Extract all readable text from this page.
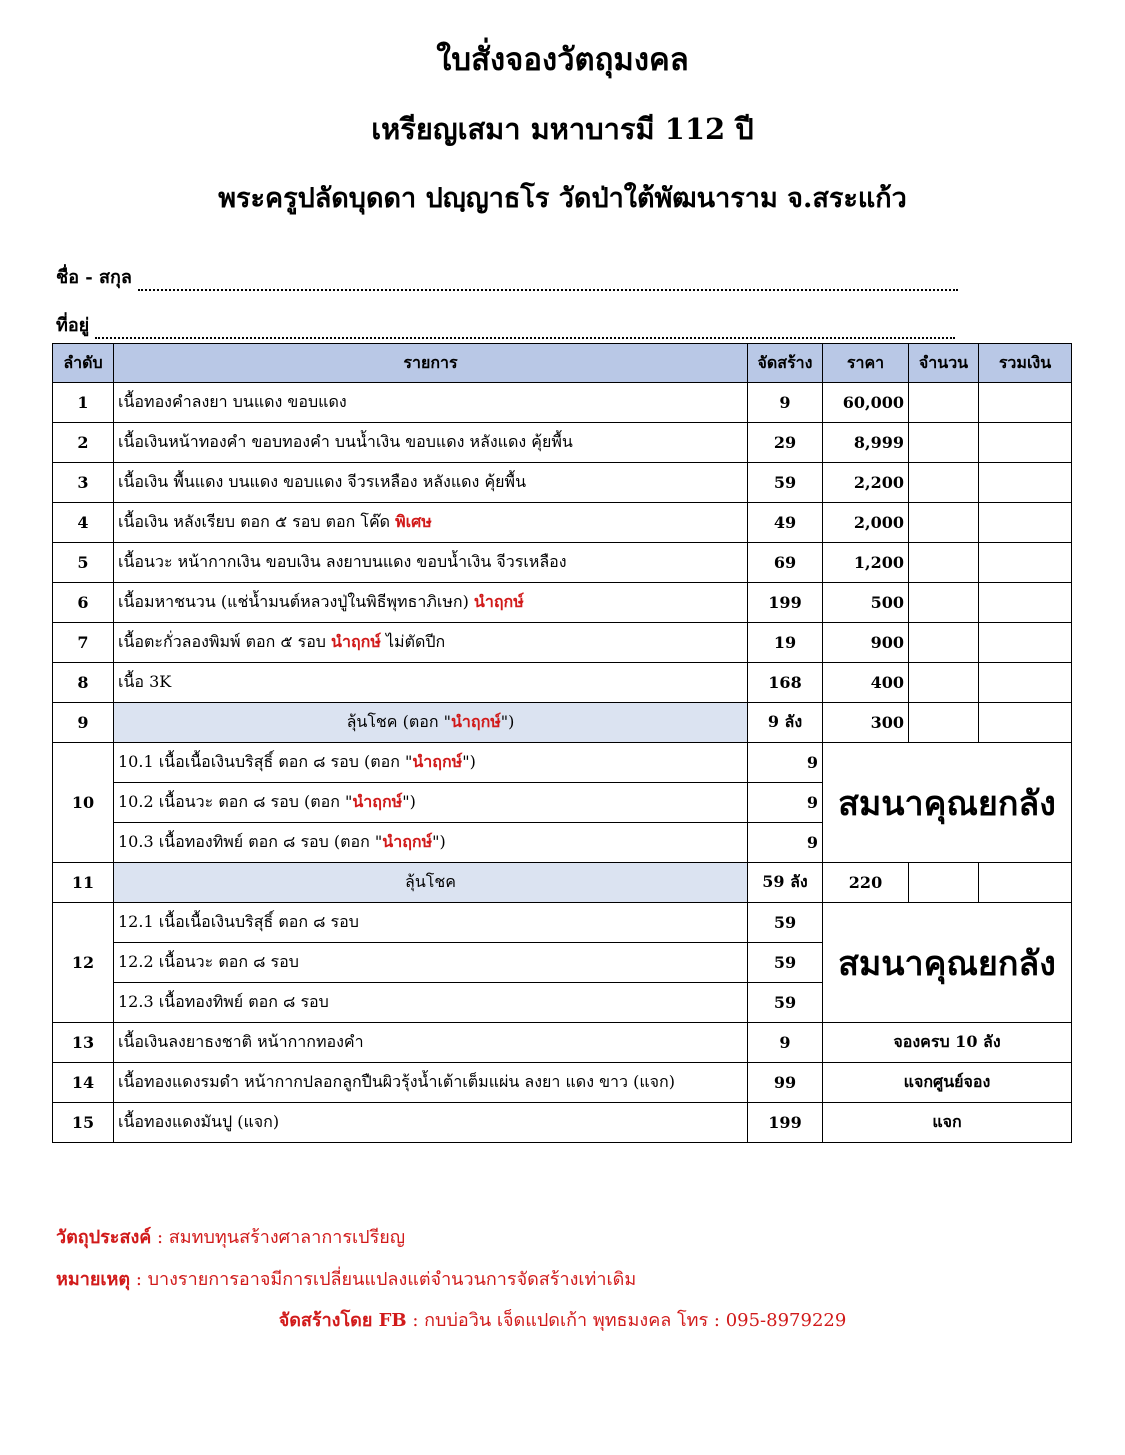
ใบสั่งจองวัตถุมงคล
เหรียญเสมา มหาบารมี 112 ปี
พระครูปลัดบุดดา ปญฺญาธโร วัดป่าใต้พัฒนาราม จ.สระแก้ว
ชื่อ - สกุล
ที่อยู่
ลำดับ	รายการ	จัดสร้าง	ราคา	จำนวน	รวมเงิน
1	เนื้อทองคำลงยา บนแดง ขอบแดง	9	60,000		
2	เนื้อเงินหน้าทองคำ ขอบทองคำ บนน้ำเงิน ขอบแดง หลังแดง คุ้ยพื้น	29	8,999		
3	เนื้อเงิน พื้นแดง บนแดง ขอบแดง จีวรเหลือง หลังแดง คุ้ยพื้น	59	2,200		
4	เนื้อเงิน หลังเรียบ ตอก ๕ รอบ ตอก โค๊ด พิเศษ	49	2,000		
5	เนื้อนวะ หน้ากากเงิน ขอบเงิน ลงยาบนแดง ขอบน้ำเงิน จีวรเหลือง	69	1,200		
6	เนื้อมหาชนวน (แช่น้ำมนต์หลวงปู่ในพิธีพุทธาภิเษก) นำฤกษ์	199	500		
7	เนื้อตะกั่วลองพิมพ์ ตอก ๕ รอบ นำฤกษ์ ไม่ตัดปีก	19	900		
8	เนื้อ 3K	168	400		
9	ลุ้นโชค (ตอก "นำฤกษ์")	9 ลัง	300		
10	10.1 เนื้อเนื้อเงินบริสุธิ์ ตอก ๘ รอบ (ตอก "นำฤกษ์")	9	สมนาคุณยกลัง		
	10.2 เนื้อนวะ ตอก ๘ รอบ (ตอก "นำฤกษ์")	9			
	10.3 เนื้อทองทิพย์ ตอก ๘ รอบ (ตอก "นำฤกษ์")	9			
11	ลุ้นโชค	59 ลัง	220		
12	12.1 เนื้อเนื้อเงินบริสุธิ์ ตอก ๘ รอบ	59	สมนาคุณยกลัง		
	12.2 เนื้อนวะ ตอก ๘ รอบ	59			
	12.3 เนื้อทองทิพย์ ตอก ๘ รอบ	59			
13	เนื้อเงินลงยาธงชาติ หน้ากากทองคำ	9	จองครบ 10 ลัง		
14	เนื้อทองแดงรมดำ หน้ากากปลอกลูกปืนผิวรุ้งน้ำเต้าเต็มแผ่น ลงยา แดง ขาว (แจก)	99	แจกศูนย์จอง		
15	เนื้อทองแดงมันปู (แจก)	199	แจก		
วัตถุประสงค์ : สมทบทุนสร้างศาลาการเปรียญ
หมายเหตุ : บางรายการอาจมีการเปลี่ยนแปลงแต่จำนวนการจัดสร้างเท่าเดิม
จัดสร้างโดย FB : กบบ่อวิน เจ็ดแปดเก้า พุทธมงคล โทร : 095-8979229
